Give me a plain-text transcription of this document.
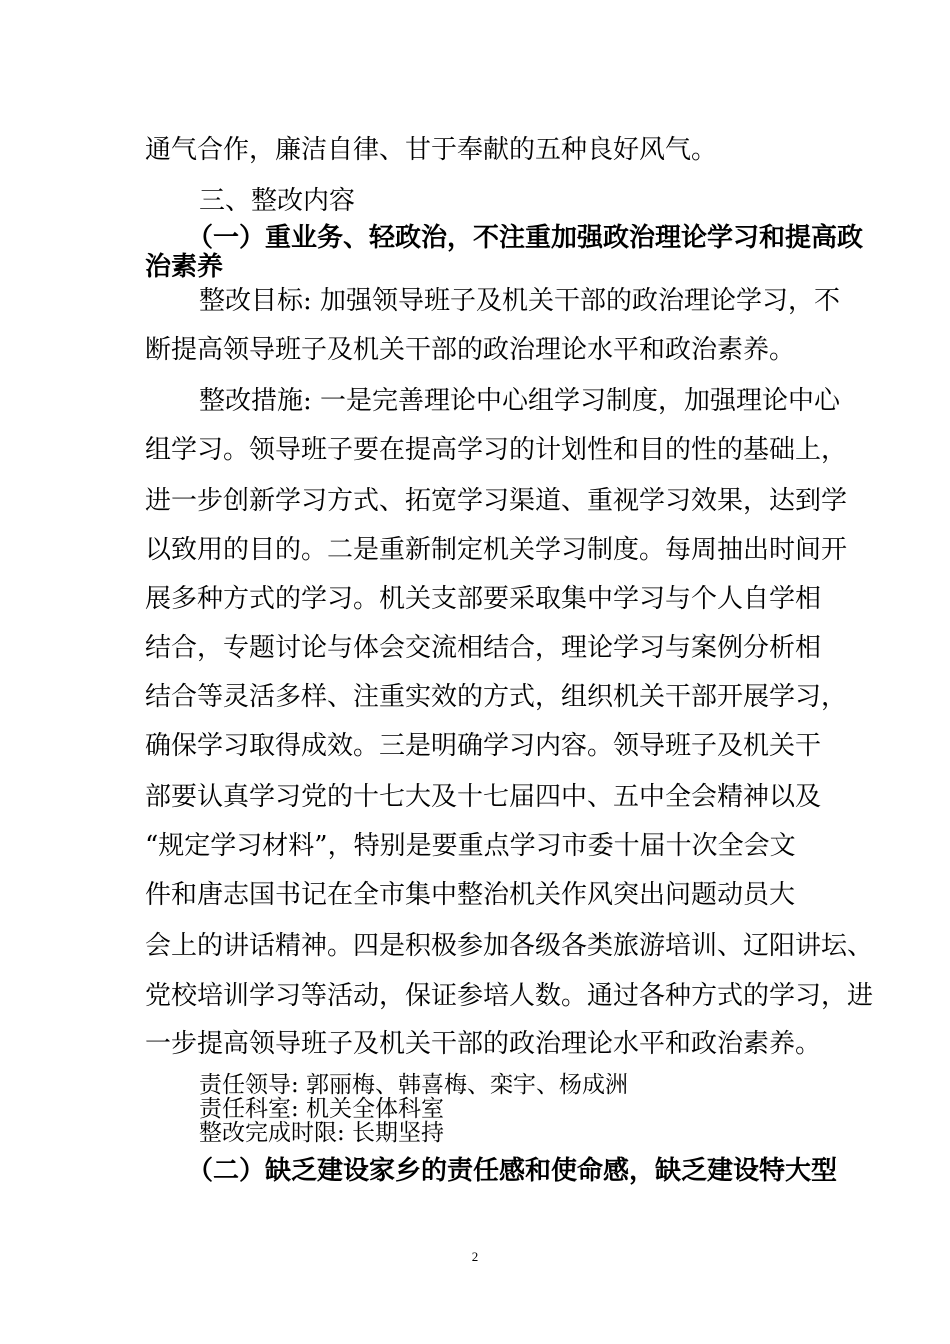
通气合作，廉洁自律、甘于奉献的五种良好风气。
三、整改内容
（一）重业务、轻政治，不注重加强政治理论学习和提高政
治素养
整改目标: 加强领导班子及机关干部的政治理论学习，不
断提高领导班子及机关干部的政治理论水平和政治素养。
整改措施: 一是完善理论中心组学习制度，加强理论中心
组学习。领导班子要在提高学习的计划性和目的性的基础上，
进一步创新学习方式、拓宽学习渠道、重视学习效果，达到学
以致用的目的。二是重新制定机关学习制度。每周抽出时间开
展多种方式的学习。机关支部要采取集中学习与个人自学相
结合，专题讨论与体会交流相结合，理论学习与案例分析相
结合等灵活多样、注重实效的方式，组织机关干部开展学习，
确保学习取得成效。三是明确学习内容。领导班子及机关干
部要认真学习党的十七大及十七届四中、五中全会精神以及
“规定学习材料”，特别是要重点学习市委十届十次全会文
件和唐志国书记在全市集中整治机关作风突出问题动员大
会上的讲话精神。四是积极参加各级各类旅游培训、辽阳讲坛、
党校培训学习等活动，保证参培人数。通过各种方式的学习，进
一步提高领导班子及机关干部的政治理论水平和政治素养。
责任领导: 郭丽梅、韩喜梅、栾宇、杨成洲
责任科室: 机关全体科室
整改完成时限: 长期坚持
（二）缺乏建设家乡的责任感和使命感，缺乏建设特大型
2
